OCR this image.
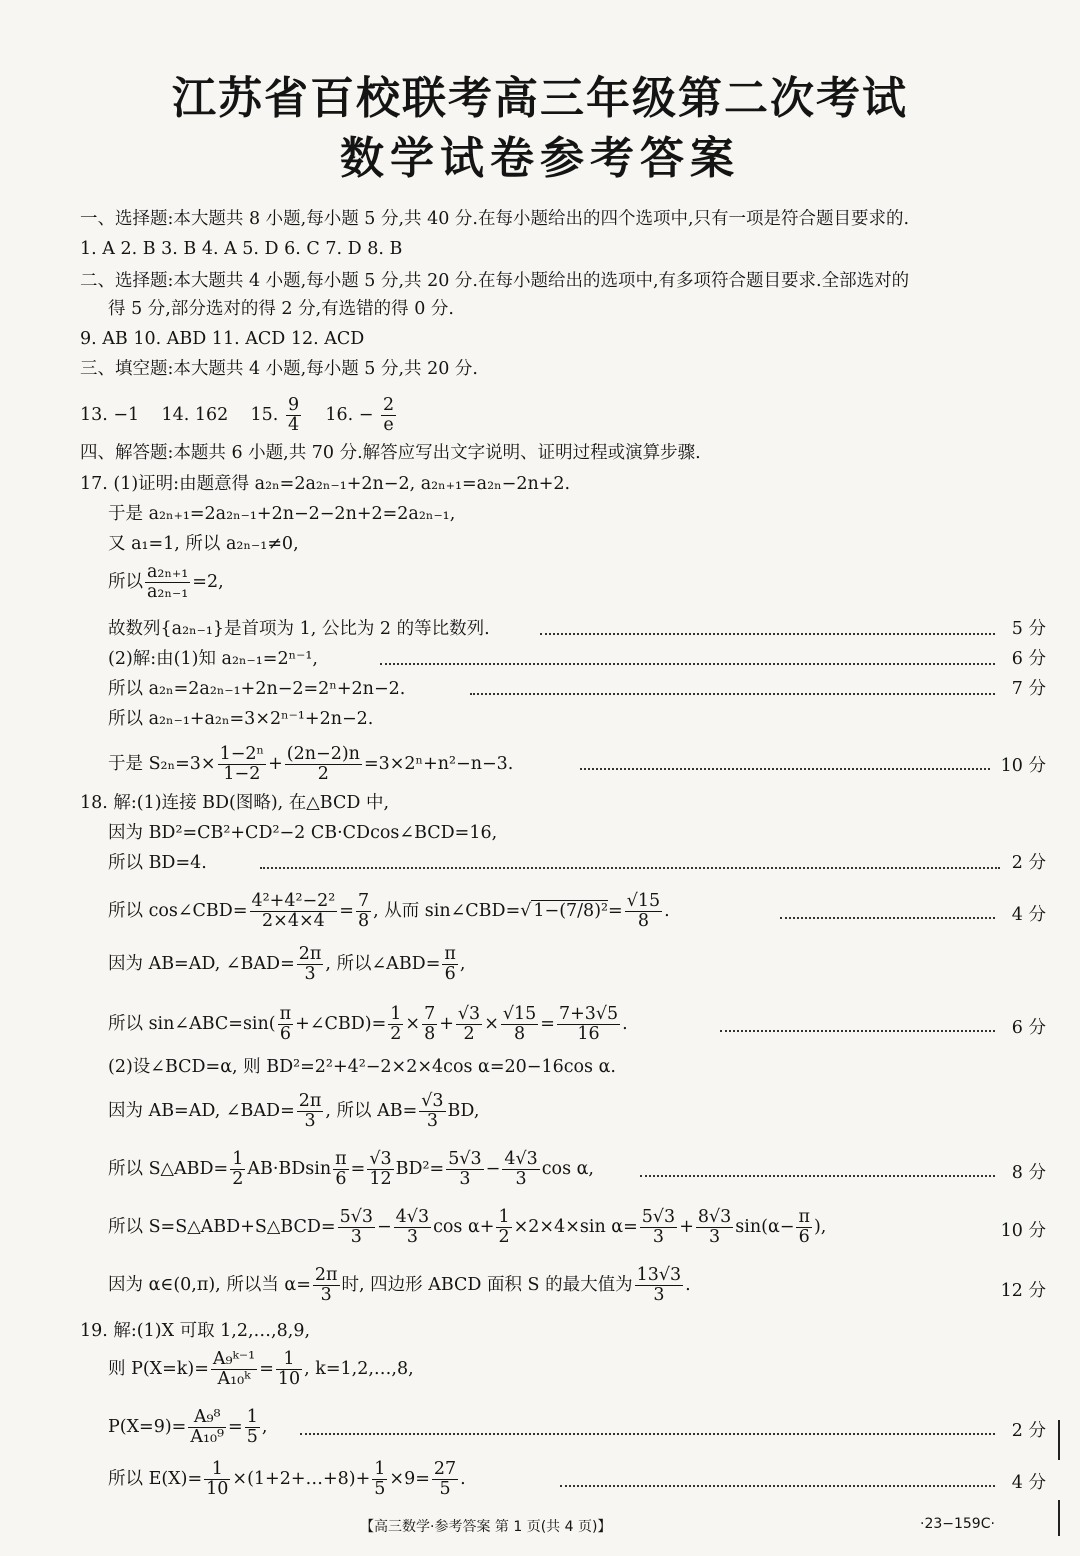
江苏省百校联考高三年级第二次考试
数学试卷参考答案
一、选择题:本大题共 8 小题,每小题 5 分,共 40 分.在每小题给出的四个选项中,只有一项是符合题目要求的.
1. A 2. B 3. B 4. A 5. D 6. C 7. D 8. B
二、选择题:本大题共 4 小题,每小题 5 分,共 20 分.在每小题给出的选项中,有多项符合题目要求.全部选对的
得 5 分,部分选对的得 2 分,有选错的得 0 分.
9. AB 10. ABD 11. ACD 12. ACD
三、填空题:本大题共 4 小题,每小题 5 分,共 20 分.
13. −1 14. 162 15. $\frac{9}{4} 16$. − $\frac{2}{e}$
四、解答题:本题共 6 小题,共 70 分.解答应写出文字说明、证明过程或演算步骤.
17. (1)证明:由题意得 a₂ₙ=2a₂ₙ₋₁+2n−2, a₂ₙ₊₁=a₂ₙ−2n+2.
于是 a₂ₙ₊₁=2a₂ₙ₋₁+2n−2−2n+2=2a₂ₙ₋₁,
又 a₁=1, 所以 a₂ₙ₋₁≠0,
所以 $\frac{\text{a₂ₙ₊₁}}{\text{a₂ₙ₋₁}} =2$,
故数列{a₂ₙ₋₁}是首项为 1, 公比为 2 的等比数列.	5 分
(2)解:由(1)知 a₂ₙ₋₁=2ⁿ⁻¹,	6 分
所以 a₂ₙ=2a₂ₙ₋₁+2n−2=2ⁿ+2n−2.	7 分
所以 a₂ₙ₋₁+a₂ₙ=3×2ⁿ⁻¹+2n−2.
于是 $S_{2n}=3\times \frac{\text{1−2ⁿ}}{1-2} + \frac{(2n-2)n}{2} =3\times 2^n+n^2-n-3$.	10 分
18. 解:(1)连接 BD(图略), 在△BCD 中,
因为 BD²=CB²+CD²−2 CB·CDcos∠BCD=16,
所以 BD=4.	2 分
所以 cos∠CBD= $\frac{\text{4²+4²−2²}}{2\times 4\times 4} = \frac{7}{8}$ , 从而 sin∠CBD=√ $1-(7/8)^2= \frac{√15}{8}$ .	4 分
因为 AB=AD, ∠BAD= $\frac{2\pi}{3}$ , 所以∠ABD= $\frac{\pi}{6}$ ,
所以 sin∠ABC=sin( $\frac{\pi}{6}$ +∠CBD)= $\frac{1}{2} \times \frac{7}{8} + \frac{√3}{2} \times \frac{√15}{8} = \frac{7+3√5}{16}$ .	6 分
(2)设∠BCD=α, 则 BD²=2²+4²−2×2×4cos α=20−16cos α.
因为 AB=AD, ∠BAD= $\frac{2\pi}{3}$ , 所以 $AB= \frac{√3}{3}$ BD,
所以 S△ABD= $\frac{1}{2} AB\cdot BDsin \frac{\pi}{6} = \frac{√3}{12} BD^2= \frac{5√3}{3} - \frac{4√3}{3}$ cos α,	8 分
所以 S=S△ABD+S△BCD= $\frac{5√3}{3} - \frac{4√3}{3}$ $\cos \alpha+ \frac{1}{2} \times 2\times 4\times\sin$ $\alpha= \frac{5√3}{3} + \frac{8√3}{3} \sin(\alpha- \frac{\pi}{6}$ ),	10 分
因为 α∈(0,π), 所以当 $\alpha= \frac{2\pi}{3}$ 时, 四边形 ABCD 面积 S 的最大值为 $\frac{13√3}{3}$ .	12 分
19. 解:(1)X 可取 1,2,…,8,9,
则 $P(X=k)= \frac{\text{A₉ᵏ⁻¹}}{\text{A₁₀ᵏ}} = \frac{1}{10}$ , k=1,2,…,8,
$P(X=9)= \frac{\text{A₉⁸}}{\text{A₁₀⁹}} = \frac{1}{5}$ ,	2 分
所以 $E(X)= \frac{1}{10}$ ×(1+2+…+8)+ $\frac{1}{5} \times 9= \frac{27}{5}$ .	4 分
【高三数学·参考答案 第 1 页(共 4 页)】	·23−159C·
